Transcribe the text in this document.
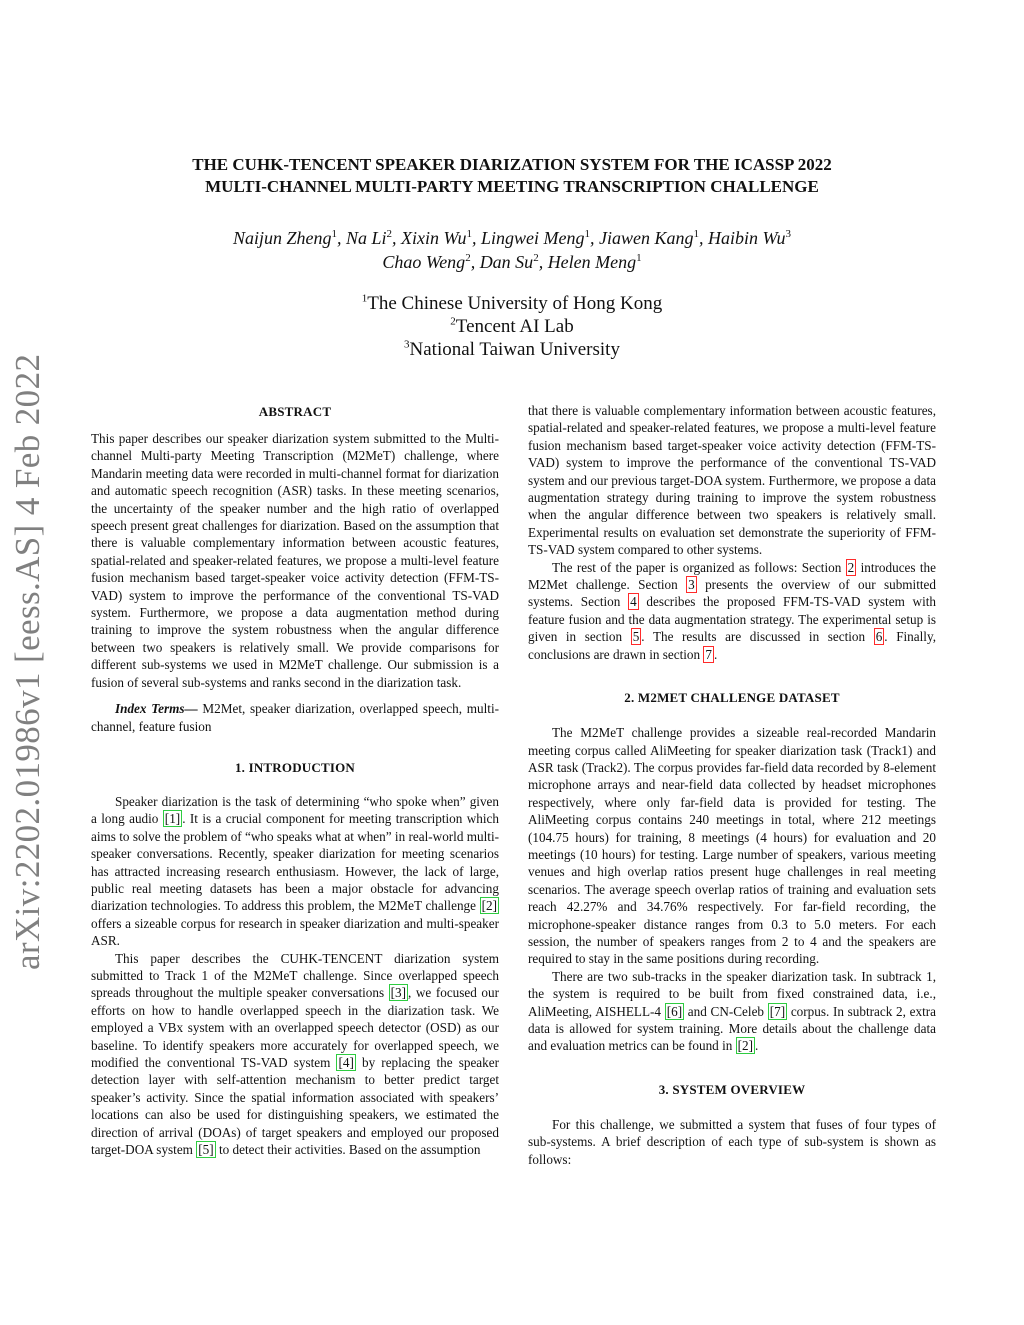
arXiv:2202.01986v1 [eess.AS] 4 Feb 2022
THE CUHK-TENCENT SPEAKER DIARIZATION SYSTEM FOR THE ICASSP 2022
MULTI-CHANNEL MULTI-PARTY MEETING TRANSCRIPTION CHALLENGE
Naijun Zheng$^1$, Na Li$^2$, Xixin Wu$^1$, Lingwei Meng$^1$, Jiawen Kang$^1$, Haibin Wu$^3$
Chao Weng$^2$, Dan Su$^2$, Helen Meng$^1$
$^1$The Chinese University of Hong Kong
$^2$Tencent AI Lab
$^3$National Taiwan University
ABSTRACT

This paper describes our speaker diarization system submitted to the Multi-channel Multi-party Meeting Transcription (M2MeT) challenge, where Mandarin meeting data were recorded in multi-channel format for diarization and automatic speech recognition (ASR) tasks. In these meeting scenarios, the uncertainty of the speaker number and the high ratio of overlapped speech present great challenges for diarization. Based on the assumption that there is valuable complementary information between acoustic features, spatial-related and speaker-related features, we propose a multi-level feature fusion mechanism based target-speaker voice activity detection (FFM-TS-VAD) system to improve the performance of the conventional TS-VAD system. Furthermore, we propose a data augmentation method during training to improve the system robustness when the angular difference between two speakers is relatively small. We provide comparisons for different sub-systems we used in M2MeT challenge. Our submission is a fusion of several sub-systems and ranks second in the diarization task.

Index Terms— M2Met, speaker diarization, overlapped speech, multi-channel, feature fusion

1. INTRODUCTION

Speaker diarization is the task of determining “who spoke when” given a long audio [1] . It is a crucial component for meeting transcription which aims to solve the problem of “who speaks what at when” in real-world multi-speaker conversations. Recently, speaker diarization for meeting scenarios has attracted increasing research enthusiasm. However, the lack of large, public real meeting datasets has been a major obstacle for advancing diarization technologies. To address this problem, the M2MeT challenge [2] offers a sizeable corpus for research in speaker diarization and multi-speaker ASR.

This paper describes the CUHK-TENCENT diarization system submitted to Track 1 of the M2MeT challenge. Since overlapped speech spreads throughout the multiple speaker conversations [3] , we focused our efforts on how to handle overlapped speech in the diarization task. We employed a VBx system with an overlapped speech detector (OSD) as our baseline. To identify speakers more accurately for overlapped speech, we modified the conventional TS-VAD system [4] by replacing the speaker detection layer with self-attention mechanism to better predict target speaker’s activity. Since the spatial information associated with speakers’ locations can also be used for distinguishing speakers, we estimated the direction of arrival (DOAs) of target speakers and employed our proposed target-DOA system [5] to detect their activities. Based on the assumption

that there is valuable complementary information between acoustic features, spatial-related and speaker-related features, we propose a multi-level feature fusion mechanism based target-speaker voice activity detection (FFM-TS-VAD) system to improve the performance of the conventional TS-VAD system and our previous target-DOA system. Furthermore, we propose a data augmentation strategy during training to improve the system robustness when the angular difference between two speakers is relatively small. Experimental results on evaluation set demonstrate the superiority of FFM-TS-VAD system compared to other systems.

The rest of the paper is organized as follows: Section 2 introduces the M2Met challenge. Section 3 presents the overview of our submitted systems. Section 4 describes the proposed FFM-TS-VAD system with feature fusion and the data augmentation strategy. The experimental setup is given in section 5 . The results are discussed in section 6 . Finally, conclusions are drawn in section 7 .

2. M2MET CHALLENGE DATASET

The M2MeT challenge provides a sizeable real-recorded Mandarin meeting corpus called AliMeeting for speaker diarization task (Track1) and ASR task (Track2). The corpus provides far-field data recorded by 8-element microphone arrays and near-field data collected by headset microphones respectively, where only far-field data is provided for testing. The AliMeeting corpus contains 240 meetings in total, where 212 meetings (104.75 hours) for training, 8 meetings (4 hours) for evaluation and 20 meetings (10 hours) for testing. Large number of speakers, various meeting venues and high overlap ratios present huge challenges in real meeting scenarios. The average speech overlap ratios of training and evaluation sets reach 42.27% and 34.76% respectively. For far-field recording, the microphone-speaker distance ranges from 0.3 to 5.0 meters. For each session, the number of speakers ranges from 2 to 4 and the speakers are required to stay in the same positions during recording.

There are two sub-tracks in the speaker diarization task. In subtrack 1, the system is required to be built from fixed constrained data, i.e., AliMeeting, AISHELL-4 [6] and CN-Celeb [7] corpus. In subtrack 2, extra data is allowed for system training. More details about the challenge data and evaluation metrics can be found in [2] .

3. SYSTEM OVERVIEW

For this challenge, we submitted a system that fuses of four types of sub-systems. A brief description of each type of sub-system is shown as follows:
